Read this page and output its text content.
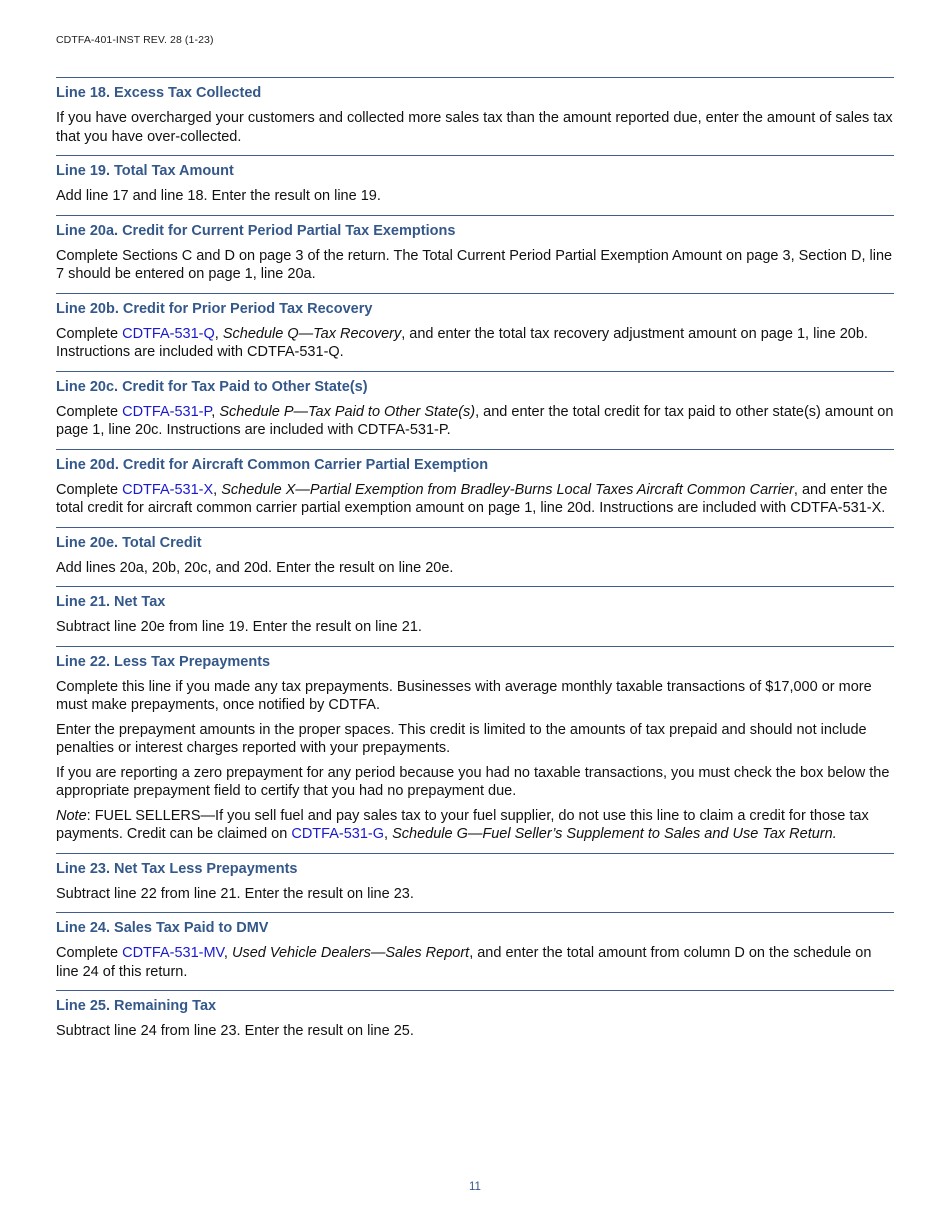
CDTFA-401-INST REV. 28 (1-23)
Line 18. Excess Tax Collected

If you have overcharged your customers and collected more sales tax than the amount reported due, enter the amount of sales tax that you have over-collected.

Line 19. Total Tax Amount

Add line 17 and line 18. Enter the result on line 19.

Line 20a. Credit for Current Period Partial Tax Exemptions

Complete Sections C and D on page 3 of the return. The Total Current Period Partial Exemption Amount on page 3, Section D, line 7 should be entered on page 1, line 20a.

Line 20b. Credit for Prior Period Tax Recovery

Complete CDTFA-531-Q, Schedule Q—Tax Recovery, and enter the total tax recovery adjustment amount on page 1, line 20b. Instructions are included with CDTFA-531-Q.

Line 20c. Credit for Tax Paid to Other State(s)

Complete CDTFA-531-P, Schedule P—Tax Paid to Other State(s), and enter the total credit for tax paid to other state(s) amount on page 1, line 20c. Instructions are included with CDTFA-531-P.

Line 20d. Credit for Aircraft Common Carrier Partial Exemption

Complete CDTFA-531-X, Schedule X—Partial Exemption from Bradley-Burns Local Taxes Aircraft Common Carrier, and enter the total credit for aircraft common carrier partial exemption amount on page 1, line 20d. Instructions are included with CDTFA-531-X.

Line 20e. Total Credit

Add lines 20a, 20b, 20c, and 20d. Enter the result on line 20e.

Line 21. Net Tax

Subtract line 20e from line 19. Enter the result on line 21.

Line 22. Less Tax Prepayments

Complete this line if you made any tax prepayments. Businesses with average monthly taxable transactions of $17,000 or more must make prepayments, once notified by CDTFA.

Enter the prepayment amounts in the proper spaces. This credit is limited to the amounts of tax prepaid and should not include penalties or interest charges reported with your prepayments.

If you are reporting a zero prepayment for any period because you had no taxable transactions, you must check the box below the appropriate prepayment field to certify that you had no prepayment due.

Note: FUEL SELLERS—If you sell fuel and pay sales tax to your fuel supplier, do not use this line to claim a credit for those tax payments. Credit can be claimed on CDTFA-531-G, Schedule G—Fuel Seller’s Supplement to Sales and Use Tax Return.

Line 23. Net Tax Less Prepayments

Subtract line 22 from line 21. Enter the result on line 23.

Line 24. Sales Tax Paid to DMV

Complete CDTFA-531-MV, Used Vehicle Dealers—Sales Report, and enter the total amount from column D on the schedule on line 24 of this return.

Line 25. Remaining Tax

Subtract line 24 from line 23. Enter the result on line 25.

11
